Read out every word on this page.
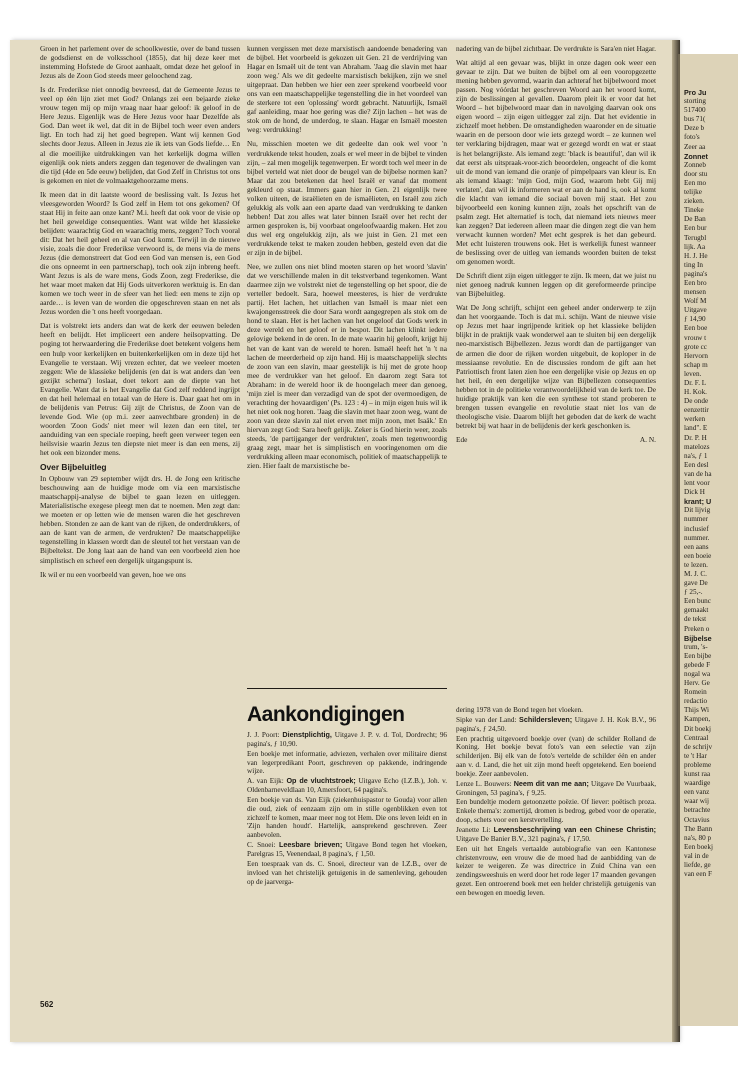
Pro Ju
storting
517400
bus 71(
Deze b
foto's
Zeer aa
Zonnet
Zonneb
door stu
Een mo
telijke
zieken.
Tineke
De Ban
Een bur
Terugbl
lijk. Aa
H. J. He
ting In
pagina's
Een bro
mensen
Wolf M
Uitgave
ƒ 14,90
Een boe
vrouw t
grote cc
Hervorn
schap m
leven.
Dr. F. L
H. Kok.
De onde
eenzettir
werken
land". E
Dr. P. H
matelozs
na's, ƒ 1
Een desl
van de ha
lent voor
Dick H
krant; U
Dit lijvig
nummer
inclusief
nummer.
een aans
een boeie
te lezen.
M. J. C.
gave De
ƒ 25,-.
Een bunc
gemaakt
de tekst
Preken o
Bijbelse
trum, 's-
Een bijbe
gebede F
nogal wa
Herv. Ge
Romein
redactio
Thijs Wi
Kampen,
Dit boekj
Centraal
de schrijv
te 't Har
probleme
kunst raa
waardige
een vanz
waar wij
betrachte
Octavius
The Bann
na's, 80 p
Een boekj
val in de
liefde, ge
van een F

Groen in het parlement over de schoolkwestie, over de band tussen de godsdienst en de volksschool (1855), dat hij deze keer met instemming Hofstede de Groot aanhaalt, omdat deze het geloof in Jezus als de Zoon God steeds meer geloochend zag.

Is dr. Frederikse niet onnodig bevreesd, dat de Gemeente Jezus te veel op één lijn ziet met God? Onlangs zei een bejaarde zieke vrouw tegen mij op mijn vraag naar haar geloof: ik geloof in de Here Jezus. Eigenlijk was de Here Jezus voor haar Dezelfde als God. Dan weet ik wel, dat dit in de Bijbel toch weer even anders ligt. En toch had zij het goed begrepen. Want wij kennen God slechts door Jezus. Alleen in Jezus zie ik iets van Gods liefde… En al die moeilijke uitdrukkingen van het kerkelijk dogma willen eigenlijk ook niets anders zeggen dan tegenover de dwalingen van die tijd (4de en 5de eeuw) belijden, dat God Zelf in Christus tot ons is gekomen en niet de volmaaktgehoorzame mens.

Ik meen dat in dit laatste woord de beslissing valt. Is Jezus het vleesgeworden Woord? Is God zelf in Hem tot ons gekomen? Of staat Hij in feite aan onze kant? M.i. heeft dat ook voor de visie op het heil geweldige consequenties. Want wat wilde het klassieke belijden: waarachtig God en waarachtig mens, zeggen? Toch vooral dit: Dat het heil geheel en al van God komt. Terwijl in de nieuwe visie, zoals die door Frederikse verwoord is, de mens via de mens Jezus (die demonstreert dat God een God van mensen is, een God die ons opneemt in een partnerschap), toch ook zijn inbreng heeft. Want Jezus is als de ware mens, Gods Zoon, zegt Frederikse, die het waar moet maken dat Hij Gods uitverkoren werktuig is. En dan komen we toch weer in de sfeer van het lied: een mens te zijn op aarde… is leven van de worden die opgeschreven staan en net als Jezus worden die 't ons heeft voorgedaan.

Dat is volstrekt iets anders dan wat de kerk der eeuwen beleden heeft en belijdt. Het impliceert een andere heilsopvatting. De poging tot herwaardering die Frederikse doet betekent volgens hem een hulp voor kerkelijken en buitenkerkelijken om in deze tijd het Evangelie te verstaan. Wij vrezen echter, dat we veeleer moeten zeggen: Wie de klassieke belijdenis (en dat is wat anders dan 'een gezijkt schema') loslaat, doet tekort aan de diepte van het Evangelie. Want dat is het Evangelie dat God zelf reddend ingrijpt en dat heil helemaal en totaal van de Here is. Daar gaat het om in de belijdenis van Petrus: Gij zijt de Christus, de Zoon van de levende God. Wie (op m.i. zeer aanvechtbare gronden) in de woorden 'Zoon Gods' niet meer wil lezen dan een titel, ter aanduiding van een speciale roeping, heeft geen verweer tegen een heilsvisie waarin Jezus ten diepste niet meer is dan een mens, zij het ook een bizonder mens.

Over Bijbeluitleg

In Opbouw van 29 september wijdt drs. H. de Jong een kritische beschouwing aan de huidige mode om via een marxistische maatschappij-analyse de bijbel te gaan lezen en uitleggen. Materialistische exegese pleegt men dat te noemen. Men zegt dan: we moeten er op letten wie de mensen waren die het geschreven hebben. Stonden ze aan de kant van de rijken, de onderdrukkers, of aan de kant van de armen, de verdrukten? De maatschappelijke tegenstelling in klassen wordt dan de sleutel tot het verstaan van de Bijbeltekst. De Jong laat aan de hand van een voorbeeld zien hoe simplistisch en scheef een dergelijk uitgangspunt is.

Ik wil er nu een voorbeeld van geven, hoe we ons

kunnen vergissen met deze marxistisch aandoende benadering van de bijbel. Het voorbeeld is gekozen uit Gen. 21 de verdrijving van Hagar en Ismaël uit de tent van Abraham. 'Jaag die slavin met haar zoon weg.' Als we dit gedeelte marxistisch bekijken, zijn we snel uitgepraat. Dan hebben we hier een zeer sprekend voorbeeld voor ons van een maatschappelijke tegenstelling die in het voordeel van de sterkere tot een 'oplossing' wordt gebracht. Natuurlijk, Ismaël gaf aanleiding, maar hoe gering was die? Zijn lachen – het was de stok om de hond, de underdog, te slaan. Hagar en Ismaël moesten weg: verdrukking!

Nu, misschien moeten we dit gedeelte dan ook wel voor 'n verdrukkende tekst houden, zoals er wel meer in de bijbel te vinden zijn, – zal men mogelijk tegenwerpen. Er wordt toch wel meer in de bijbel verteld wat niet door de beugel van de bijbelse normen kan? Maar dat zou betekenen dat heel Israël er vanaf dat moment gekleurd op staat. Immers gaan hier in Gen. 21 eigenlijk twee volken uiteen, de israëlieten en de ismaëlieten, en Israël zou zich gelukkig als volk aan een aparte daad van verdrukking te danken hebben! Dat zou alles wat later binnen Israël over het recht der armen gesproken is, bij voorbaat ongeloofwaardig maken. Het zou dus wel erg ongelukkig zijn, als we juist in Gen. 21 met een verdrukkende tekst te maken zouden hebben, gesteld even dat die er zijn in de bijbel.

Nee, we zullen ons niet blind moeten staren op het woord 'slavin' dat we verschillende malen in dit tekstverband tegenkomen. Want daarmee zijn we volstrekt niet de tegenstelling op het spoor, die de verteller bedoelt. Sara, hoewel meesteres, is hier de verdrukte partij. Het lachen, het uitlachen van Ismaël is maar niet een kwajongensstreek die door Sara wordt aangegrepen als stok om de hond te slaan. Het is het lachen van het ongeloof dat Gods werk in deze wereld en het geloof er in bespot. Dit lachen klinkt iedere gelovige bekend in de oren. In de mate waarin hij gelooft, krijgt hij het van de kant van de wereld te horen. Ismaël heeft het 'n 't na lachen de meerderheid op zijn hand. Hij is maatschappelijk slechts de zoon van een slavin, maar geestelijk is hij met de grote hoop mee de verdrukker van het geloof. En daarom zegt Sara tot Abraham: in de wereld hoor ik de hoongelach meer dan genoeg, 'mijn ziel is meer dan verzadigd van de spot der overmoedigen, de verachting der hovaardigen' (Ps. 123 : 4) – in mijn eigen huis wil ik het niet ook nog horen. 'Jaag die slavin met haar zoon weg, want de zoon van deze slavin zal niet erven met mijn zoon, met Isaäk.' En hiervan zegt God: Sara heeft gelijk. Zeker is God hierin weer, zoals steeds, 'de partijganger der verdrukten', zoals men tegenwoordig graag zegt, maar het is simplistisch en vooringenomen om die verdrukking alleen maar economisch, politiek of maatschappelijk te zien. Hier faalt de marxistische be-

nadering van de bijbel zichtbaar. De verdrukte is Sara'en niet Hagar.

Wat altijd al een gevaar was, blijkt in onze dagen ook weer een gevaar te zijn. Dat we buiten de bijbel om al een vooropgezette mening hebben gevormd, waarin dan achteraf het bijbelwoord moet passen. Nog vóórdat het geschreven Woord aan het woord komt, zijn de beslissingen al gevallen. Daarom pleit ik er voor dat het Woord – het bijbelwoord maar dan in navolging daarvan ook ons eigen woord – zijn eigen uitlegger zal zijn. Dat het evidentie in zichzelf moet hebben. De omstandigheden waaronder en de situatie waarin en de persoon door wie iets gezegd wordt – ze kunnen wel ter verklaring bijdragen, maar wat er gezegd wordt en wat er staat is het belangrijkste. Als iemand zegt: 'black is beautiful', dan wil ik dat eerst als uitspraak-voor-zich beoordelen, ongeacht of die komt uit de mond van iemand die oranje of pimpelpaars van kleur is. En als iemand klaagt: 'mijn God, mijn God, waarom hebt Gij mij verlaten', dan wil ik informeren wat er aan de hand is, ook al komt die klacht van iemand die sociaal boven mij staat. Het zou bijvoorbeeld een koning kunnen zijn, zoals het opschrift van de psalm zegt. Het alternatief is toch, dat niemand iets nieuws meer kan zeggen? Dat iedereen alleen maar die dingen zegt die van hem verwacht kunnen worden? Met echt gesprek is het dan gebeurd. Met echt luisteren trouwens ook. Het is werkelijk funest wanneer de beslissing over de uitleg van iemands woorden buiten de tekst om genomen wordt.

De Schrift dient zijn eigen uitlegger te zijn. Ik meen, dat we juist nu niet genoeg nadruk kunnen leggen op dit gereformeerde principe van Bijbeluitleg.

Wat De Jong schrijft, schijnt een geheel ander onderwerp te zijn dan het voorgaande. Toch is dat m.i. schijn. Want de nieuwe visie op Jezus met haar ingrijpende kritiek op het klassieke belijden blijkt in de praktijk vaak wonderwel aan te sluiten bij een dergelijk neo-marxistisch Bijbellezen. Jezus wordt dan de partijganger van de armen die door de rijken worden uitgebuit, de koploper in de messiaanse revolutie. En de discussies rondom de gift aan het Patriottisch front laten zien hoe een dergelijke visie op Jezus en op het heil, én een dergelijke wijze van Bijbellezen consequenties hebben tot in de politieke verantwoordelijkheid van de kerk toe. De huidige praktijk van ken die een synthese tot stand proberen te brengen tussen evangelie en revolutie staat niet los van de theologische visie. Daarom blijft het geboden dat de kerk de wacht betrekt bij wat haar in de belijdenis der kerk geschonken is.

Ede	A. N.
Aankondigingen

J. J. Poort: Dienstplichtig, Uitgave J. P. v. d. Tol, Dordrecht; 96 pagina's, ƒ 10,90.

Een boekje met informatie, adviezen, verhalen over militaire dienst van legerpredikant Poort, geschreven op pakkende, indringende wijze.

A. van Eijk: Op de vluchtstroek; Uitgave Echo (I.Z.B.), Joh. v. Oldenbarneveldlaan 10, Amersfoort, 64 pagina's.

Een boekje van ds. Van Eijk (ziekenhuispastor te Gouda) voor allen die oud, ziek of eenzaam zijn om in stille ogenblikken even tot zichzelf te komen, maar meer nog tot Hem. Die ons leven leidt en in 'Zijn handen houdt'. Hartelijk, aansprekend geschreven. Zeer aanbevolen.

C. Snoei: Leesbare brieven; Uitgave Bond tegen het vloeken, Parelgras 15, Veenendaal, 8 pagina's, ƒ 1,50.

Een toespraak van ds. C. Snoei, directeur van de I.Z.B., over de invloed van het christelijk getuigenis in de samenleving, gehouden op de jaarverga-

dering 1978 van de Bond tegen het vloeken.

Sipke van der Land: Schildersleven; Uitgave J. H. Kok B.V., 96 pagina's, ƒ 24,50.

Een prachtig uitgevoerd boekje over (van) de schilder Rolland de Koning. Het boekje bevat foto's van een selectie van zijn schilderijen. Bij elk van de foto's vertelde de schilder één en ander aan v. d. Land, die het uit zijn mond heeft opgetekend. Een boeiend boekje. Zeer aanbevolen.

Lenze L. Bouwers: Neem dit van me aan; Uitgave De Vuurbaak, Groningen, 53 pagina's, ƒ 9,25.

Een bundeltje modern getoonzette poëzie. Of liever: poëtisch proza. Enkele thema's: zomertijd, dromen is bedrog, gebed voor de operatie, doop, schets voor een kerstvertelling.

Jeanette Li: Levensbeschrijving van een Chinese Christin; Uitgave De Banier B.V., 321 pagina's, ƒ 17,50.

Een uit het Engels vertaalde autobiografie van een Kantonese christenvrouw, een vrouw die de moed had de aanbidding van de keizer te weigeren. Ze was directrice in Zuid China van een zendingsweeshuis en werd door het rode leger 17 maanden gevangen gezet. Een ontroerend boek met een helder christelijk getuigenis van een bewogen en moedig leven.

562
